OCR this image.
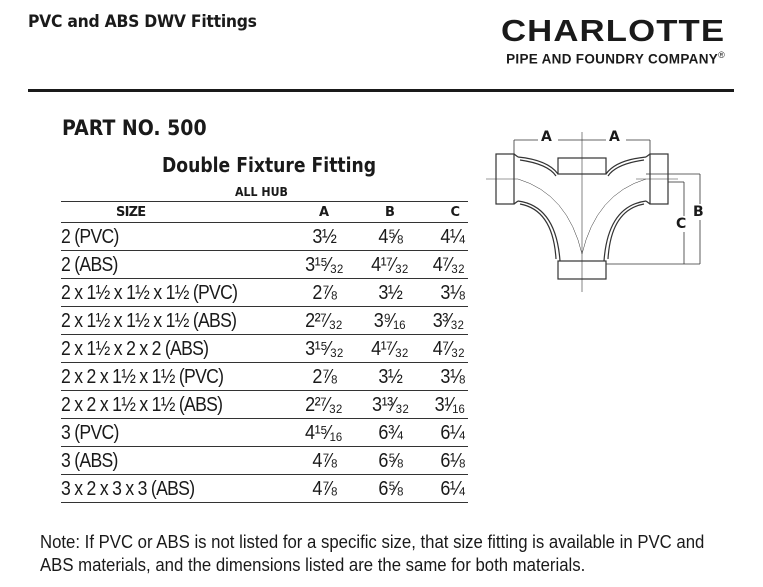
PVC and ABS DWV Fittings	CHARLOTTE
PIPE AND FOUNDRY COMPANY®
PART NO. 500
Double Fixture Fitting
ALL HUB
SIZE	A	B	C
2 (PVC)	3½	4⅝	4¼
2 (ABS)	3¹⁵⁄₃₂	4¹⁷⁄₃₂	4⁷⁄₃₂
2 x 1½ x 1½ x 1½ (PVC)	2⅞	3½	3⅛
2 x 1½ x 1½ x 1½ (ABS)	2²⁷⁄₃₂	3⁹⁄₁₆	3³⁄₃₂
2 x 1½ x 2 x 2 (ABS)	3¹⁵⁄₃₂	4¹⁷⁄₃₂	4⁷⁄₃₂
2 x 2 x 1½ x 1½ (PVC)	2⅞	3½	3⅛
2 x 2 x 1½ x 1½ (ABS)	2²⁷⁄₃₂	3¹³⁄₃₂	3¹⁄₁₆
3 (PVC)	4¹⁵⁄₁₆	6¾	6¼
3 (ABS)	4⅞	6⅝	6⅛
3 x 2 x 3 x 3 (ABS)	4⅞	6⅝	6¼
A	A
B
C
Note: If PVC or ABS is not listed for a specific size, that size fitting is available in PVC and
ABS materials, and the dimensions listed are the same for both materials.
